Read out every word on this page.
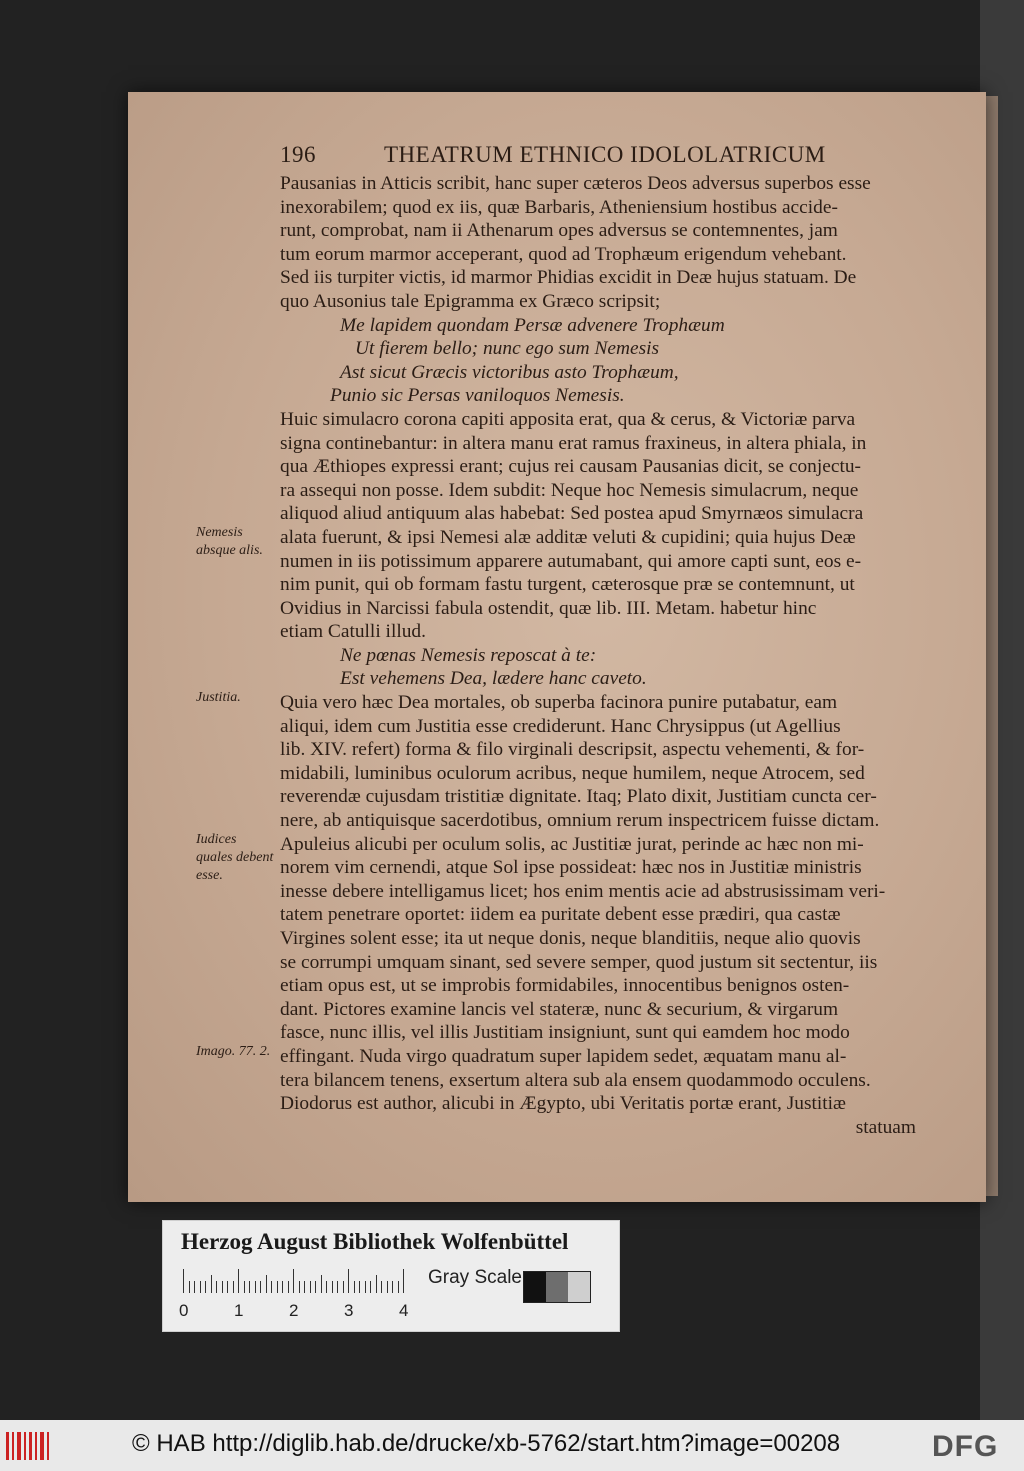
196	THEATRUM ETHNICO IDOLOLATRICUM
Pausanias in Atticis scribit, hanc super cæteros Deos adversus superbos esse
inexorabilem; quod ex iis, quæ Barbaris, Atheniensium hostibus accide-
runt, comprobat, nam ii Athenarum opes adversus se contemnentes, jam
tum eorum marmor acceperant, quod ad Trophæum erigendum vehebant.
Sed iis turpiter victis, id marmor Phidias excidit in Deæ hujus statuam. De
quo Ausonius tale Epigramma ex Græco scripsit;
Me lapidem quondam Persæ advenere Trophæum
Ut fierem bello; nunc ego sum Nemesis
Ast sicut Græcis victoribus asto Trophæum,
Punio sic Persas vaniloquos Nemesis.
Huic simulacro corona capiti apposita erat, qua & cerus, & Victoriæ parva
signa continebantur: in altera manu erat ramus fraxineus, in altera phiala, in
qua Æthiopes expressi erant; cujus rei causam Pausanias dicit, se conjectu-
ra assequi non posse. Idem subdit: Neque hoc Nemesis simulacrum, neque
aliquod aliud antiquum alas habebat: Sed postea apud Smyrnæos simulacra
alata fuerunt, & ipsi Nemesi alæ additæ veluti & cupidini; quia hujus Deæ
numen in iis potissimum apparere autumabant, qui amore capti sunt, eos e-
nim punit, qui ob formam fastu turgent, cæterosque præ se contemnunt, ut
Ovidius in Narcissi fabula ostendit, quæ lib. III. Metam. habetur hinc
etiam Catulli illud.
Ne pœnas Nemesis reposcat à te:
Est vehemens Dea, lædere hanc caveto.
Quia vero hæc Dea mortales, ob superba facinora punire putabatur, eam
aliqui, idem cum Justitia esse crediderunt. Hanc Chrysippus (ut Agellius
lib. XIV. refert) forma & filo virginali descripsit, aspectu vehementi, & for-
midabili, luminibus oculorum acribus, neque humilem, neque Atrocem, sed
reverendæ cujusdam tristitiæ dignitate. Itaq; Plato dixit, Justitiam cuncta cer-
nere, ab antiquisque sacerdotibus, omnium rerum inspectricem fuisse dictam.
Apuleius alicubi per oculum solis, ac Justitiæ jurat, perinde ac hæc non mi-
norem vim cernendi, atque Sol ipse possideat: hæc nos in Justitiæ ministris
inesse debere intelligamus licet; hos enim mentis acie ad abstrusissimam veri-
tatem penetrare oportet: iidem ea puritate debent esse prædiri, qua castæ
Virgines solent esse; ita ut neque donis, neque blanditiis, neque alio quovis
se corrumpi umquam sinant, sed severe semper, quod justum sit sectentur, iis
etiam opus est, ut se improbis formidabiles, innocentibus benignos osten-
dant. Pictores examine lancis vel stateræ, nunc & securium, & virgarum
fasce, nunc illis, vel illis Justitiam insigniunt, sunt qui eamdem hoc modo
effingant. Nuda virgo quadratum super lapidem sedet, æquatam manu al-
tera bilancem tenens, exsertum altera sub ala ensem quodammodo occulens.
Diodorus est author, alicubi in Ægypto, ubi Veritatis portæ erant, Justitiæ
statuam
Nemesis absque alis.
Justitia.
Iudices quales debent esse.
Imago. 77. 2.
Herzog August Bibliothek Wolfenbüttel
0	1	2	3	4
Gray Scale
© HAB http://diglib.hab.de/drucke/xb-5762/start.htm?image=00208	DFG
